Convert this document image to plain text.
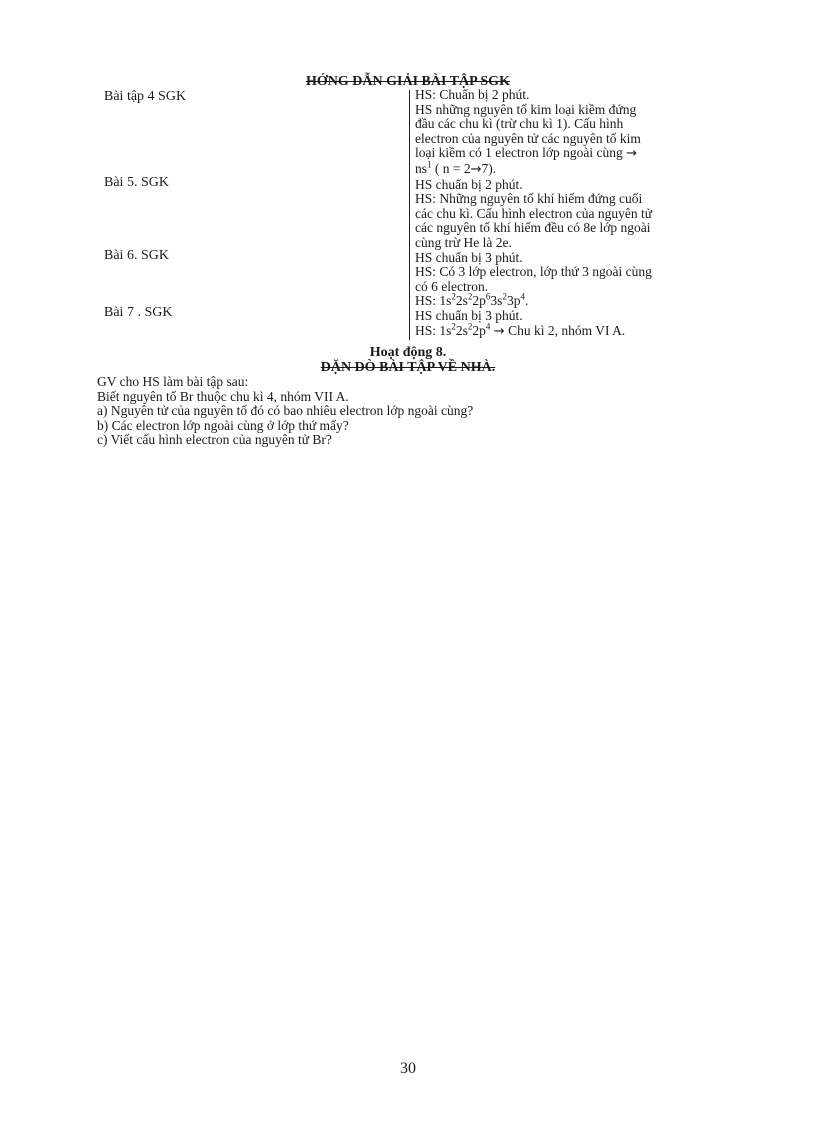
HỚNG DẪN GIẢI BÀI TẬP SGK
Bài tập 4 SGK
Bài 5. SGK
Bài 6. SGK
Bài 7 . SGK

HS: Chuẩn bị 2 phút.

HS những nguyên tố kim loại kiềm đứng

đầu các chu kì (trừ chu kì 1). Cấu hình

electron của nguyên tử các nguyên tố kim

loại kiềm có 1 electron lớp ngoài cùng →

$ns^1$ ( n = 2→7).

HS chuẩn bị 2 phút.

HS: Những nguyên tố khí hiếm đứng cuối

các chu kì. Cấu hình electron của nguyên tử

các nguyên tố khí hiếm đều có 8e lớp ngoài

cùng trừ He là 2e.

HS chuẩn bị 3 phút.

HS: Có 3 lớp electron, lớp thứ 3 ngoài cùng

có 6 electron.

HS: $1s^22s^22p^63s^23p^4$.

HS chuẩn bị 3 phút.

HS: $1s^22s^22p^4$ → Chu kì 2, nhóm VI A.

Hoạt động 8.
DẶN DÒ BÀI TẬP VỀ NHÀ.

GV cho HS làm bài tập sau:

Biết nguyên tố Br thuộc chu kì 4, nhóm VII A.

a) Nguyên tử của nguyên tố đó có bao nhiêu electron lớp ngoài cùng?

b) Các electron lớp ngoài cùng ở lớp thứ mấy?

c) Viết cấu hình electron của nguyên tử Br?

30
